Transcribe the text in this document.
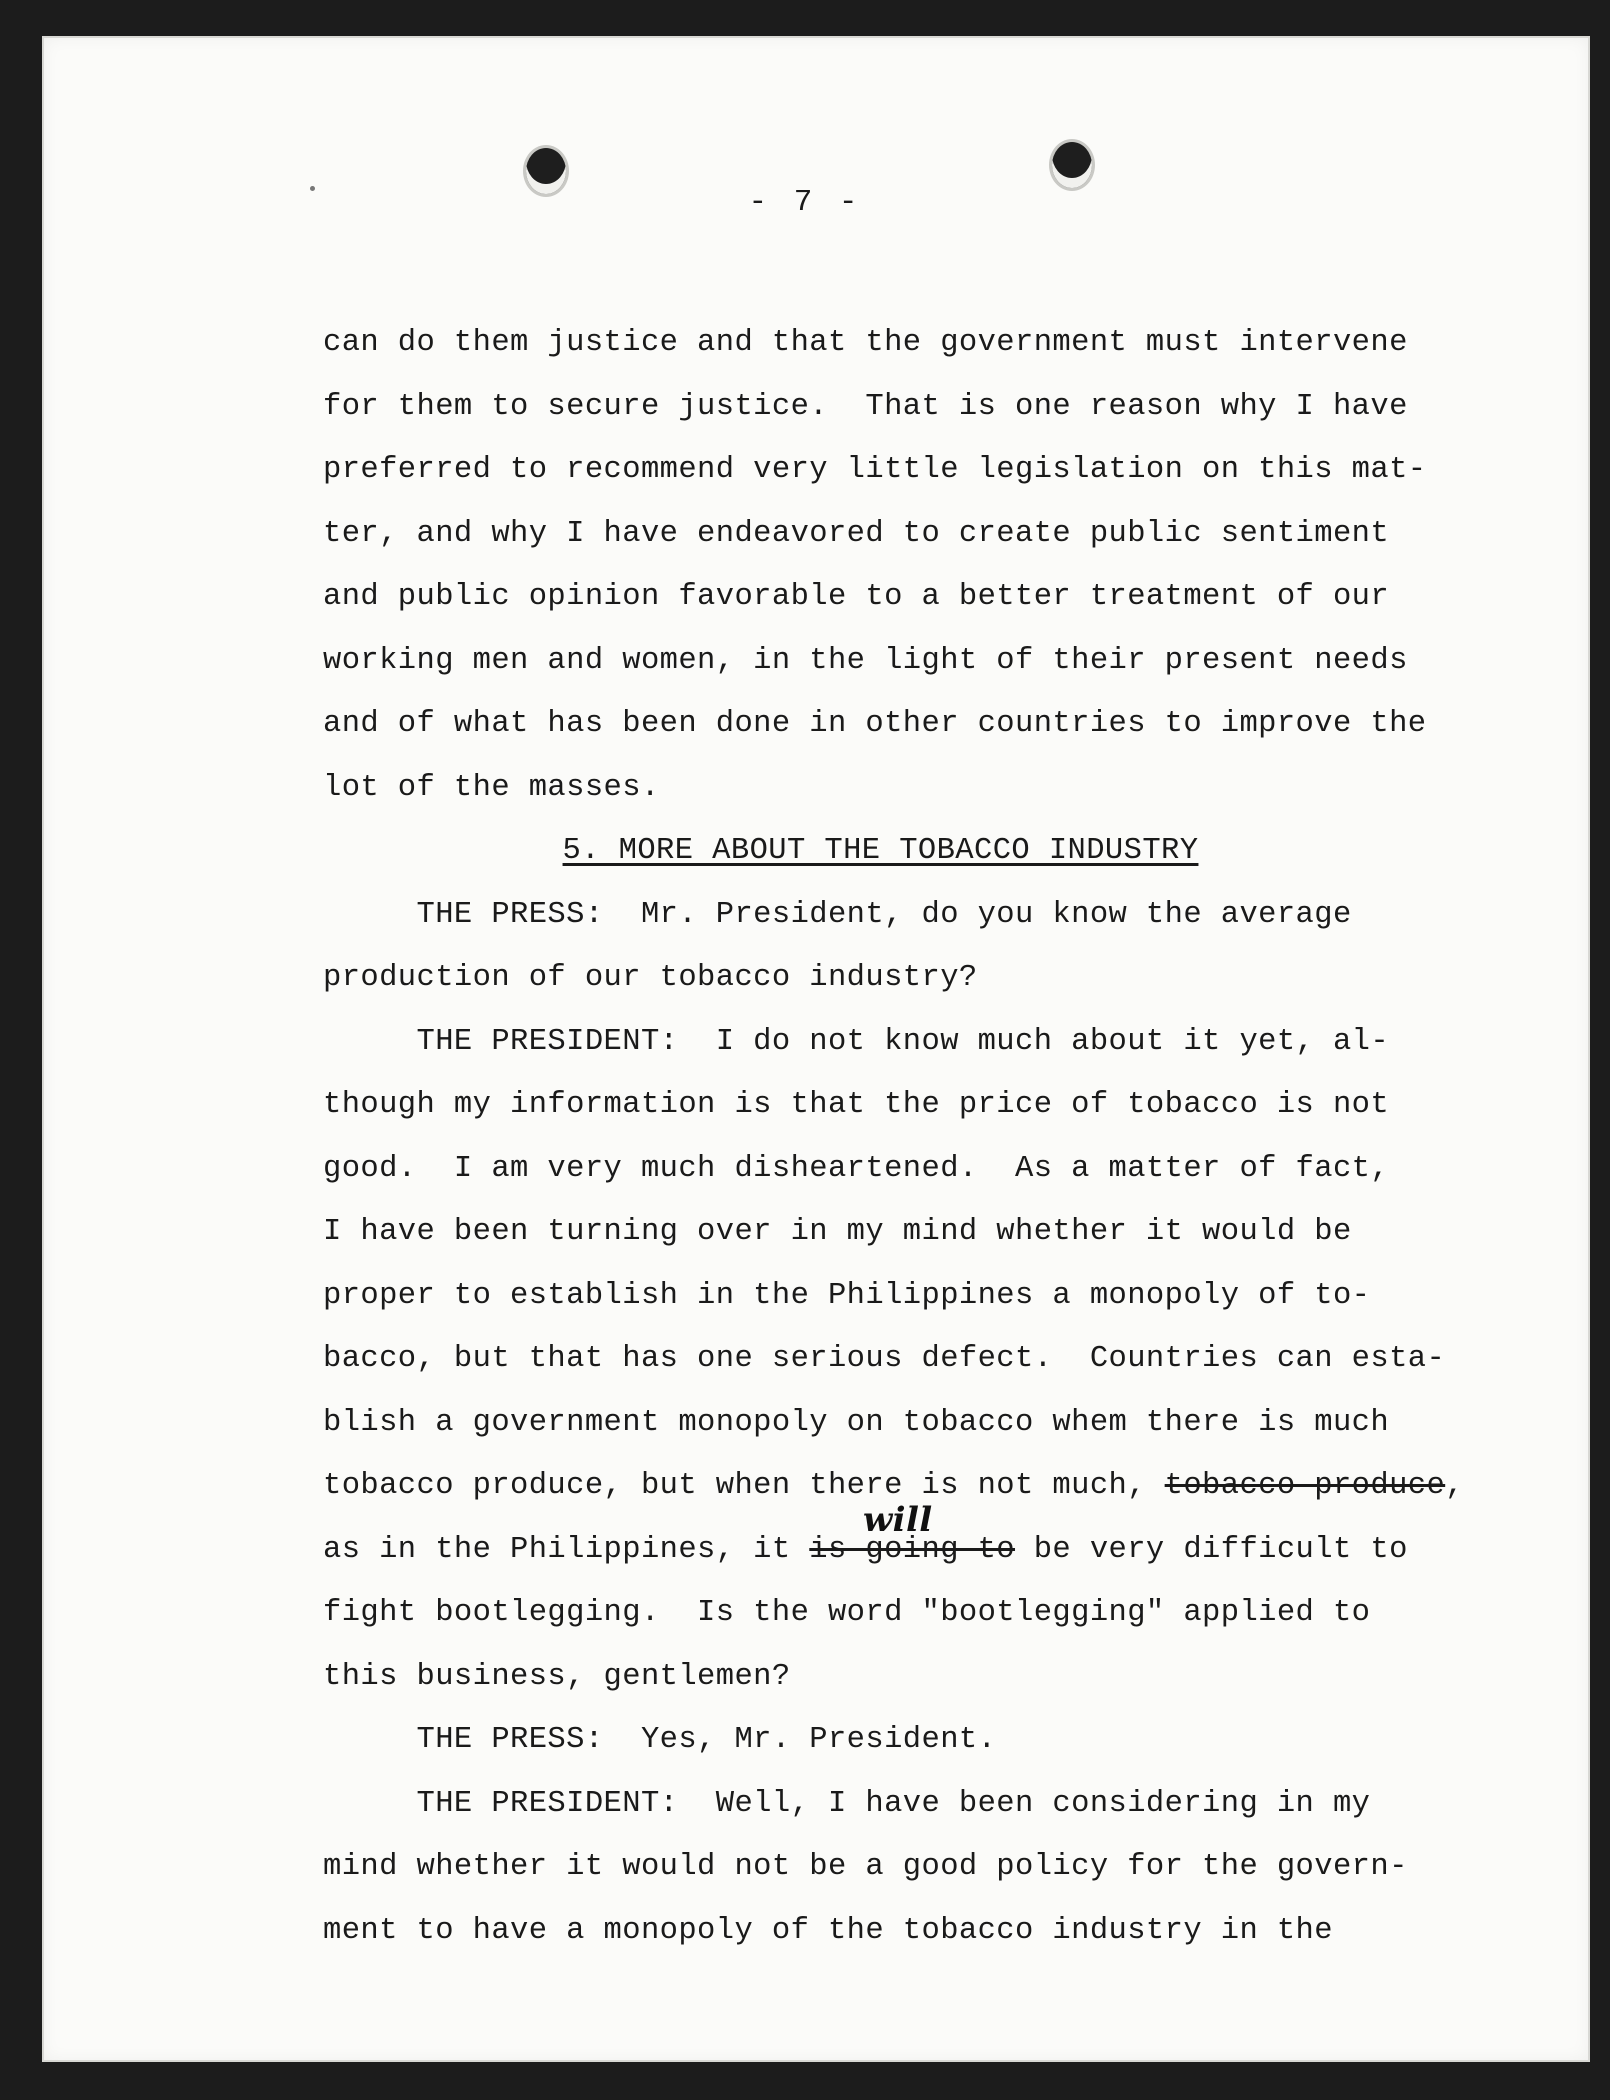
- 7 -
can do them justice and that the government must intervene
for them to secure justice.  That is one reason why I have
preferred to recommend very little legislation on this mat-
ter, and why I have endeavored to create public sentiment
and public opinion favorable to a better treatment of our
working men and women, in the light of their present needs
and of what has been done in other countries to improve the
lot of the masses.
5. MORE ABOUT THE TOBACCO INDUSTRY
THE PRESS:  Mr. President, do you know the average
production of our tobacco industry?
THE PRESIDENT:  I do not know much about it yet, al-
though my information is that the price of tobacco is not
good.  I am very much disheartened.  As a matter of fact,
I have been turning over in my mind whether it would be
proper to establish in the Philippines a monopoly of to-
bacco, but that has one serious defect.  Countries can esta-
blish a government monopoly on tobacco whem there is much
tobacco produce, but when there is not much, tobacco produce,
as in the Philippines, it is going to be very difficult to
will
fight bootlegging.  Is the word "bootlegging" applied to
this business, gentlemen?
THE PRESS:  Yes, Mr. President.
THE PRESIDENT:  Well, I have been considering in my
mind whether it would not be a good policy for the govern-
ment to have a monopoly of the tobacco industry in the
